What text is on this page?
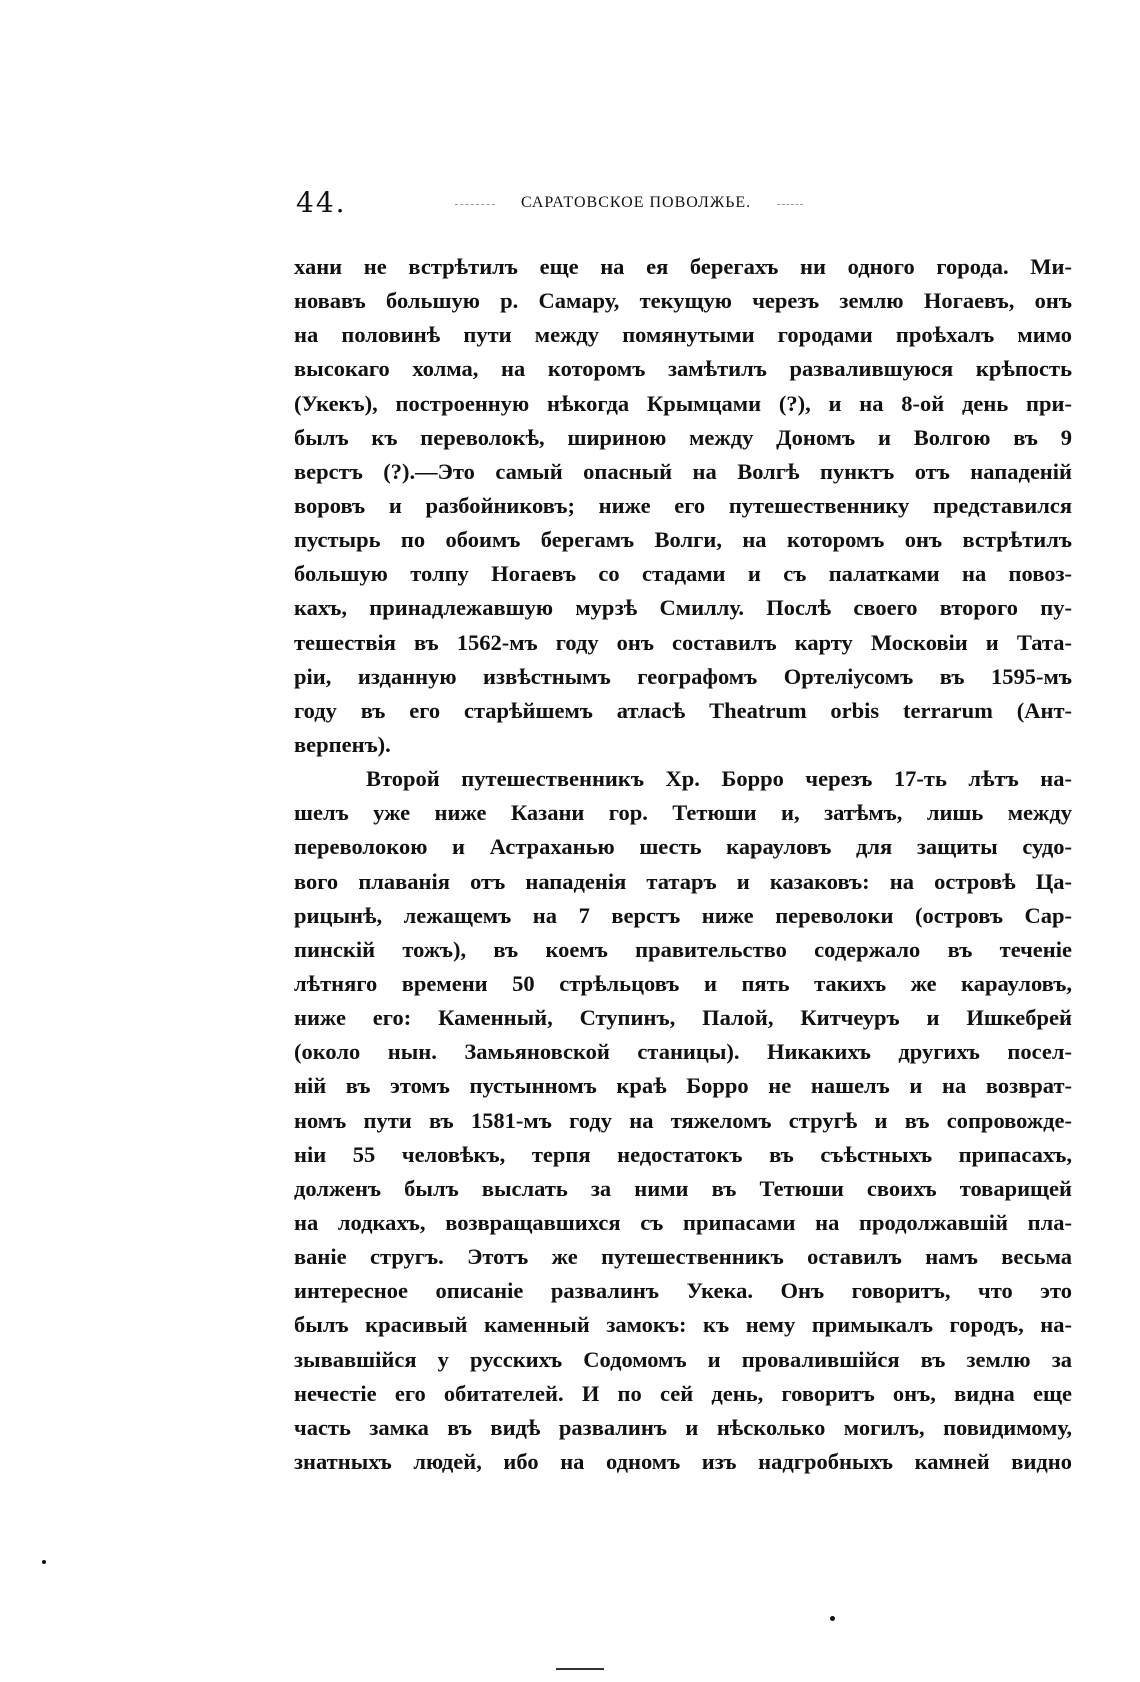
44.	САРАТОВСКОЕ ПОВОЛЖЬЕ.
хани не встрѣтилъ еще на ея берегахъ ни одного города. Ми-
новавъ большую р. Самару, текущую черезъ землю Ногаевъ, онъ
на половинѣ пути между помянутыми городами проѣхалъ мимо
высокаго холма, на которомъ замѣтилъ развалившуюся крѣпость
(Укекъ), построенную нѣкогда Крымцами (?), и на 8-ой день при-
былъ къ переволокѣ, шириною между Дономъ и Волгою въ 9
верстъ (?).—Это самый опасный на Волгѣ пунктъ отъ нападеній
воровъ и разбойниковъ; ниже его путешественнику представился
пустырь по обоимъ берегамъ Волги, на которомъ онъ встрѣтилъ
большую толпу Ногаевъ со стадами и съ палатками на повоз-
кахъ, принадлежавшую мурзѣ Смиллу. Послѣ своего второго пу-
тешествія въ 1562-мъ году онъ составилъ карту Московіи и Тата-
ріи, изданную извѣстнымъ географомъ Ортеліусомъ въ 1595-мъ
году въ его старѣйшемъ атласѣ Theatrum orbis terrarum (Ант-
верпенъ).
Второй путешественникъ Хр. Борро черезъ 17-ть лѣтъ на-
шелъ уже ниже Казани гор. Тетюши и, затѣмъ, лишь между
переволокою и Астраханью шесть карауловъ для защиты судо-
вого плаванія отъ нападенія татаръ и казаковъ: на островѣ Ца-
рицынѣ, лежащемъ на 7 верстъ ниже переволоки (островъ Сар-
пинскій тожъ), въ коемъ правительство содержало въ теченіе
лѣтняго времени 50 стрѣльцовъ и пять такихъ же карауловъ,
ниже его: Каменный, Ступинъ, Палой, Китчеуръ и Ишкебрей
(около нын. Замьяновской станицы). Никакихъ другихъ посел-
ній въ этомъ пустынномъ краѣ Борро не нашелъ и на возврат-
номъ пути въ 1581-мъ году на тяжеломъ стругѣ и въ сопровожде-
ніи 55 человѣкъ, терпя недостатокъ въ съѣстныхъ припасахъ,
долженъ былъ выслать за ними въ Тетюши своихъ товарищей
на лодкахъ, возвращавшихся съ припасами на продолжавшій пла-
ваніе стругъ. Этотъ же путешественникъ оставилъ намъ весьма
интересное описаніе развалинъ Укека. Онъ говоритъ, что это
былъ красивый каменный замокъ: къ нему примыкалъ городъ, на-
зывавшійся у русскихъ Содомомъ и провалившійся въ землю за
нечестіе его обитателей. И по сей день, говоритъ онъ, видна еще
часть замка въ видѣ развалинъ и нѣсколько могилъ, повидимому,
знатныхъ людей, ибо на одномъ изъ надгробныхъ камней видно
